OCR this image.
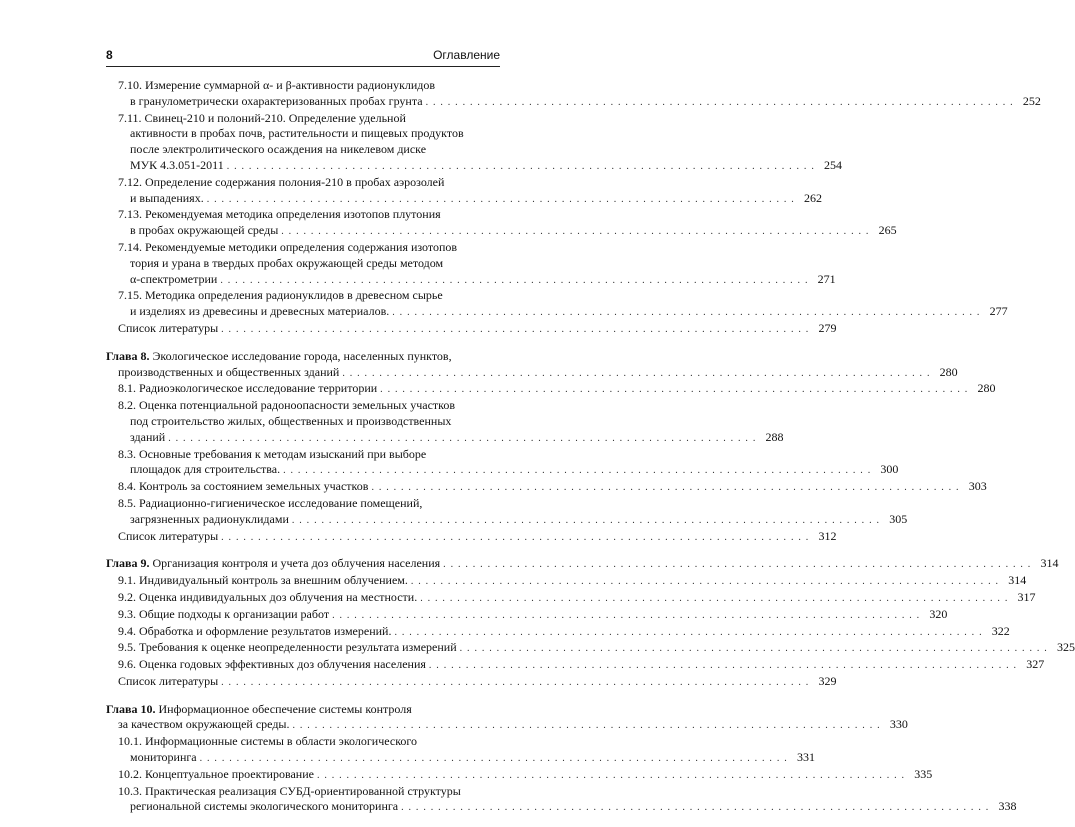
8	Оглавление
7.10. Измерение суммарной α- и β-активности радионуклидов
в гранулометрически охарактеризованных пробах грунта . . . . . . . . . . . . . . . . . . . . . . . . . . . . . . . . . . . . . . . . . . . . . . . . . . . . . . . . . . . . . . . . . . . . . . . . . . . . . . . . 252
7.11. Свинец-210 и полоний-210. Определение удельной
активности в пробах почв, растительности и пищевых продуктов
после электролитического осаждения на никелевом диске
МУК 4.3.051-2011 . . . . . . . . . . . . . . . . . . . . . . . . . . . . . . . . . . . . . . . . . . . . . . . . . . . . . . . . . . . . . . . . . . . . . . . . . . . . . . . . 254
7.12. Определение содержания полония-210 в пробах аэрозолей
и выпадениях. . . . . . . . . . . . . . . . . . . . . . . . . . . . . . . . . . . . . . . . . . . . . . . . . . . . . . . . . . . . . . . . . . . . . . . . . . . . . . . . . 262
7.13. Рекомендуемая методика определения изотопов плутония
в пробах окружающей среды . . . . . . . . . . . . . . . . . . . . . . . . . . . . . . . . . . . . . . . . . . . . . . . . . . . . . . . . . . . . . . . . . . . . . . . . . . . . . . . . 265
7.14. Рекомендуемые методики определения содержания изотопов
тория и урана в твердых пробах окружающей среды методом
α-спектрометрии . . . . . . . . . . . . . . . . . . . . . . . . . . . . . . . . . . . . . . . . . . . . . . . . . . . . . . . . . . . . . . . . . . . . . . . . . . . . . . . . 271
7.15. Методика определения радионуклидов в древесном сырье
и изделиях из древесины и древесных материалов. . . . . . . . . . . . . . . . . . . . . . . . . . . . . . . . . . . . . . . . . . . . . . . . . . . . . . . . . . . . . . . . . . . . . . . . . . . . . . . . . 277
Список литературы . . . . . . . . . . . . . . . . . . . . . . . . . . . . . . . . . . . . . . . . . . . . . . . . . . . . . . . . . . . . . . . . . . . . . . . . . . . . . . . . 279
Глава 8. Экологическое исследование города, населенных пунктов,
производственных и общественных зданий . . . . . . . . . . . . . . . . . . . . . . . . . . . . . . . . . . . . . . . . . . . . . . . . . . . . . . . . . . . . . . . . . . . . . . . . . . . . . . . . 280
8.1. Радиоэкологическое исследование территории . . . . . . . . . . . . . . . . . . . . . . . . . . . . . . . . . . . . . . . . . . . . . . . . . . . . . . . . . . . . . . . . . . . . . . . . . . . . . . . . 280
8.2. Оценка потенциальной радоноопасности земельных участков
под строительство жилых, общественных и производственных
зданий . . . . . . . . . . . . . . . . . . . . . . . . . . . . . . . . . . . . . . . . . . . . . . . . . . . . . . . . . . . . . . . . . . . . . . . . . . . . . . . . 288
8.3. Основные требования к методам изысканий при выборе
площадок для строительства. . . . . . . . . . . . . . . . . . . . . . . . . . . . . . . . . . . . . . . . . . . . . . . . . . . . . . . . . . . . . . . . . . . . . . . . . . . . . . . . . 300
8.4. Контроль за состоянием земельных участков . . . . . . . . . . . . . . . . . . . . . . . . . . . . . . . . . . . . . . . . . . . . . . . . . . . . . . . . . . . . . . . . . . . . . . . . . . . . . . . . 303
8.5. Радиационно-гигиеническое исследование помещений,
загрязненных радионуклидами . . . . . . . . . . . . . . . . . . . . . . . . . . . . . . . . . . . . . . . . . . . . . . . . . . . . . . . . . . . . . . . . . . . . . . . . . . . . . . . . 305
Список литературы . . . . . . . . . . . . . . . . . . . . . . . . . . . . . . . . . . . . . . . . . . . . . . . . . . . . . . . . . . . . . . . . . . . . . . . . . . . . . . . . 312
Глава 9. Организация контроля и учета доз облучения населения . . . . . . . . . . . . . . . . . . . . . . . . . . . . . . . . . . . . . . . . . . . . . . . . . . . . . . . . . . . . . . . . . . . . . . . . . . . . . . . . 314
9.1. Индивидуальный контроль за внешним облучением. . . . . . . . . . . . . . . . . . . . . . . . . . . . . . . . . . . . . . . . . . . . . . . . . . . . . . . . . . . . . . . . . . . . . . . . . . . . . . . . . 314
9.2. Оценка индивидуальных доз облучения на местности. . . . . . . . . . . . . . . . . . . . . . . . . . . . . . . . . . . . . . . . . . . . . . . . . . . . . . . . . . . . . . . . . . . . . . . . . . . . . . . . . 317
9.3. Общие подходы к организации работ . . . . . . . . . . . . . . . . . . . . . . . . . . . . . . . . . . . . . . . . . . . . . . . . . . . . . . . . . . . . . . . . . . . . . . . . . . . . . . . . 320
9.4. Обработка и оформление результатов измерений. . . . . . . . . . . . . . . . . . . . . . . . . . . . . . . . . . . . . . . . . . . . . . . . . . . . . . . . . . . . . . . . . . . . . . . . . . . . . . . . . 322
9.5. Требования к оценке неопределенности результата измерений . . . . . . . . . . . . . . . . . . . . . . . . . . . . . . . . . . . . . . . . . . . . . . . . . . . . . . . . . . . . . . . . . . . . . . . . . . . . . . . . 325
9.6. Оценка годовых эффективных доз облучения населения . . . . . . . . . . . . . . . . . . . . . . . . . . . . . . . . . . . . . . . . . . . . . . . . . . . . . . . . . . . . . . . . . . . . . . . . . . . . . . . . 327
Список литературы . . . . . . . . . . . . . . . . . . . . . . . . . . . . . . . . . . . . . . . . . . . . . . . . . . . . . . . . . . . . . . . . . . . . . . . . . . . . . . . . 329
Глава 10. Информационное обеспечение системы контроля
за качеством окружающей среды. . . . . . . . . . . . . . . . . . . . . . . . . . . . . . . . . . . . . . . . . . . . . . . . . . . . . . . . . . . . . . . . . . . . . . . . . . . . . . . . . 330
10.1. Информационные системы в области экологического
мониторинга . . . . . . . . . . . . . . . . . . . . . . . . . . . . . . . . . . . . . . . . . . . . . . . . . . . . . . . . . . . . . . . . . . . . . . . . . . . . . . . . 331
10.2. Концептуальное проектирование . . . . . . . . . . . . . . . . . . . . . . . . . . . . . . . . . . . . . . . . . . . . . . . . . . . . . . . . . . . . . . . . . . . . . . . . . . . . . . . . 335
10.3. Практическая реализация СУБД-ориентированной структуры
региональной системы экологического мониторинга . . . . . . . . . . . . . . . . . . . . . . . . . . . . . . . . . . . . . . . . . . . . . . . . . . . . . . . . . . . . . . . . . . . . . . . . . . . . . . . . 338
